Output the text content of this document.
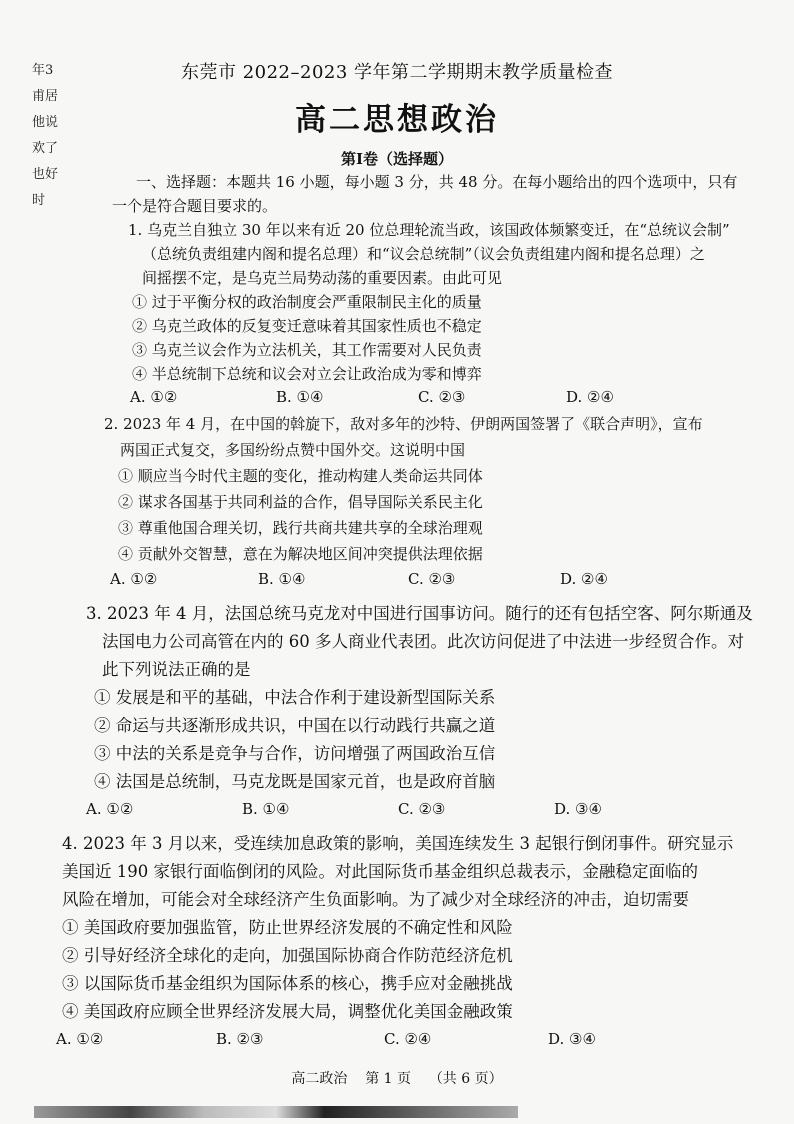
年3
甫居
他说
欢了
也好
时
东莞市 2022–2023 学年第二学期期末教学质量检查
高二思想政治
第Ⅰ卷（选择题）
一、选择题：本题共 16 小题，每小题 3 分，共 48 分。在每小题给出的四个选项中，只有
一个是符合题目要求的。
1. 乌克兰自独立 30 年以来有近 20 位总理轮流当政，该国政体频繁变迁，在“总统议会制”
（总统负责组建内阁和提名总理）和“议会总统制”（议会负责组建内阁和提名总理）之
间摇摆不定，是乌克兰局势动荡的重要因素。由此可见
① 过于平衡分权的政治制度会严重限制民主化的质量
② 乌克兰政体的反复变迁意味着其国家性质也不稳定
③ 乌克兰议会作为立法机关，其工作需要对人民负责
④ 半总统制下总统和议会对立会让政治成为零和博弈
A. ①②	B. ①④	C. ②③	D. ②④
2. 2023 年 4 月，在中国的斡旋下，敌对多年的沙特、伊朗两国签署了《联合声明》，宣布
两国正式复交，多国纷纷点赞中国外交。这说明中国
① 顺应当今时代主题的变化，推动构建人类命运共同体
② 谋求各国基于共同利益的合作，倡导国际关系民主化
③ 尊重他国合理关切，践行共商共建共享的全球治理观
④ 贡献外交智慧，意在为解决地区间冲突提供法理依据
A. ①②	B. ①④	C. ②③	D. ②④
3. 2023 年 4 月，法国总统马克龙对中国进行国事访问。随行的还有包括空客、阿尔斯通及
法国电力公司高管在内的 60 多人商业代表团。此次访问促进了中法进一步经贸合作。对
此下列说法正确的是
① 发展是和平的基础，中法合作利于建设新型国际关系
② 命运与共逐渐形成共识，中国在以行动践行共赢之道
③ 中法的关系是竞争与合作，访问增强了两国政治互信
④ 法国是总统制，马克龙既是国家元首，也是政府首脑
A. ①②	B. ①④	C. ②③	D. ③④
4. 2023 年 3 月以来，受连续加息政策的影响，美国连续发生 3 起银行倒闭事件。研究显示
美国近 190 家银行面临倒闭的风险。对此国际货币基金组织总裁表示，金融稳定面临的
风险在增加，可能会对全球经济产生负面影响。为了减少对全球经济的冲击，迫切需要
① 美国政府要加强监管，防止世界经济发展的不确定性和风险
② 引导好经济全球化的走向，加强国际协商合作防范经济危机
③ 以国际货币基金组织为国际体系的核心，携手应对金融挑战
④ 美国政府应顾全世界经济发展大局，调整优化美国金融政策
A. ①②	B. ②③	C. ②④	D. ③④
高二政治 第 1 页 （共 6 页）
